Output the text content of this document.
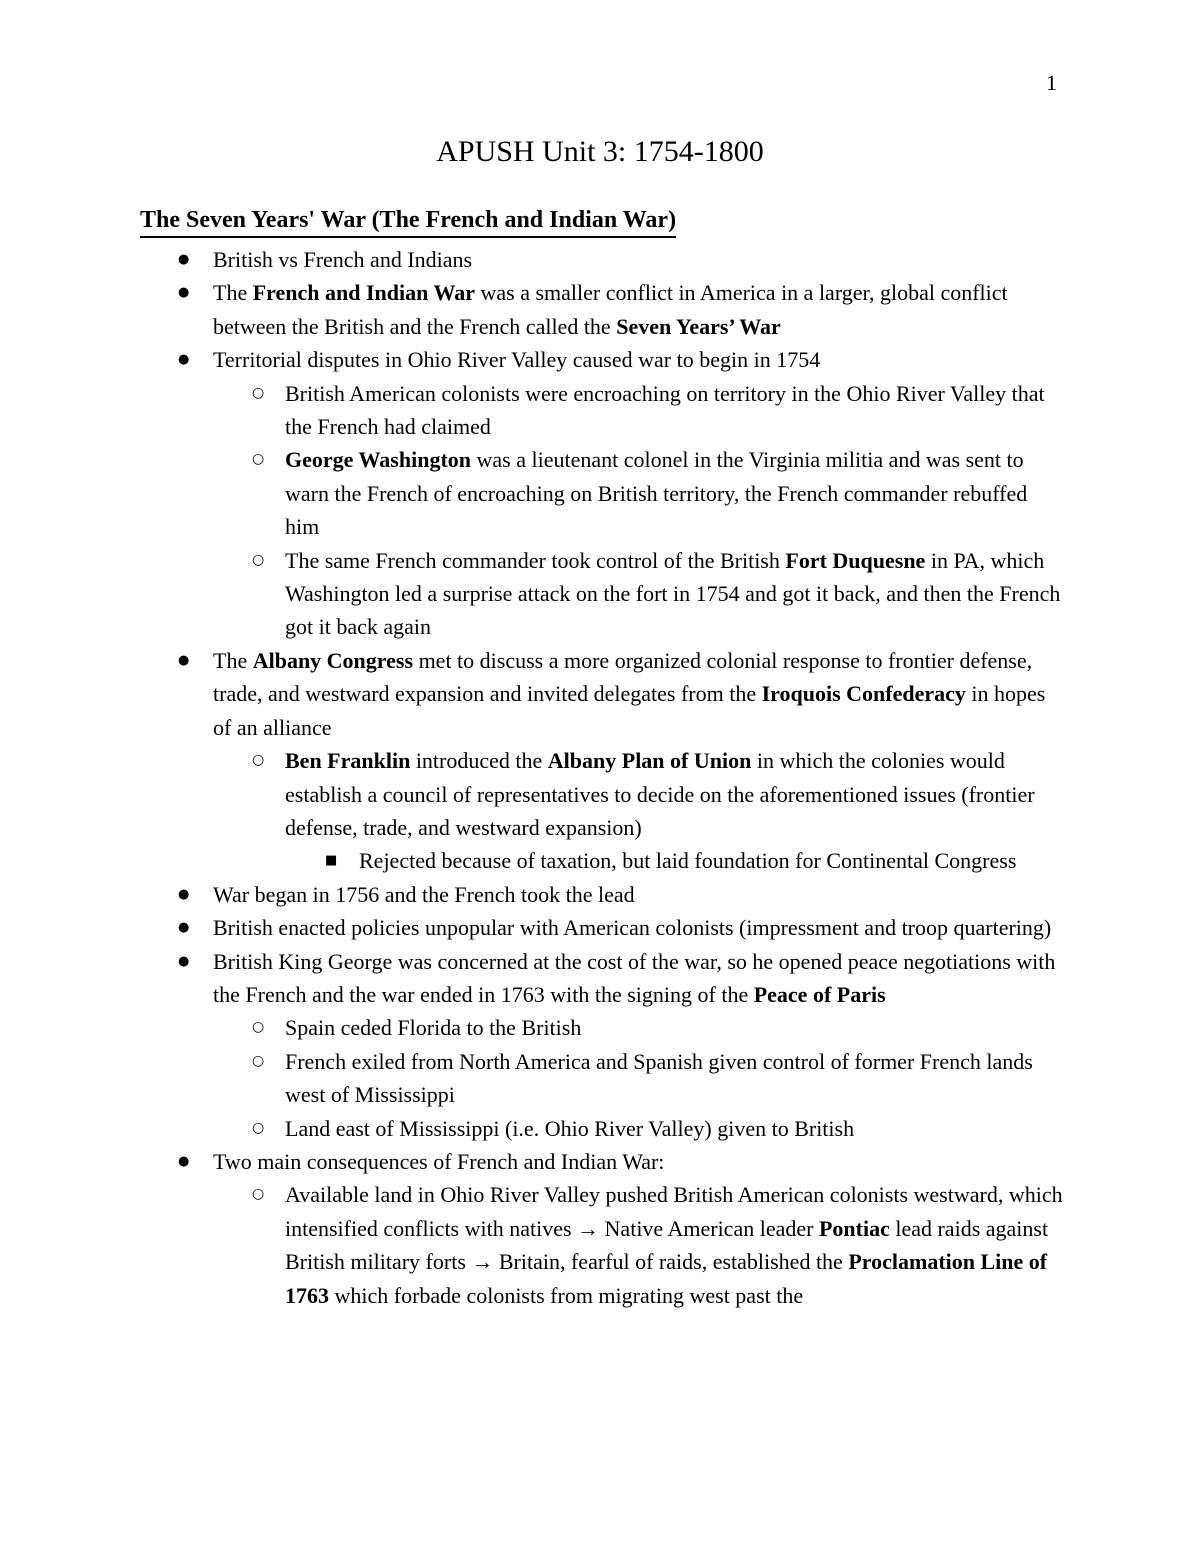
1
APUSH Unit 3: 1754-1800
The Seven Years' War (The French and Indian War)
● British vs French and Indians
● The French and Indian War was a smaller conflict in America in a larger, global conflict between the British and the French called the Seven Years’ War
● Territorial disputes in Ohio River Valley caused war to begin in 1754
○ British American colonists were encroaching on territory in the Ohio River Valley that the French had claimed
○ George Washington was a lieutenant colonel in the Virginia militia and was sent to warn the French of encroaching on British territory, the French commander rebuffed him
○ The same French commander took control of the British Fort Duquesne in PA, which Washington led a surprise attack on the fort in 1754 and got it back, and then the French got it back again
● The Albany Congress met to discuss a more organized colonial response to frontier defense, trade, and westward expansion and invited delegates from the Iroquois Confederacy in hopes of an alliance
○ Ben Franklin introduced the Albany Plan of Union in which the colonies would establish a council of representatives to decide on the aforementioned issues (frontier defense, trade, and westward expansion)
■ Rejected because of taxation, but laid foundation for Continental Congress
● War began in 1756 and the French took the lead
● British enacted policies unpopular with American colonists (impressment and troop quartering)
● British King George was concerned at the cost of the war, so he opened peace negotiations with the French and the war ended in 1763 with the signing of the Peace of Paris
○ Spain ceded Florida to the British
○ French exiled from North America and Spanish given control of former French lands west of Mississippi
○ Land east of Mississippi (i.e. Ohio River Valley) given to British
● Two main consequences of French and Indian War:
○ Available land in Ohio River Valley pushed British American colonists westward, which intensified conflicts with natives → Native American leader Pontiac lead raids against British military forts → Britain, fearful of raids, established the Proclamation Line of 1763 which forbade colonists from migrating west past the
